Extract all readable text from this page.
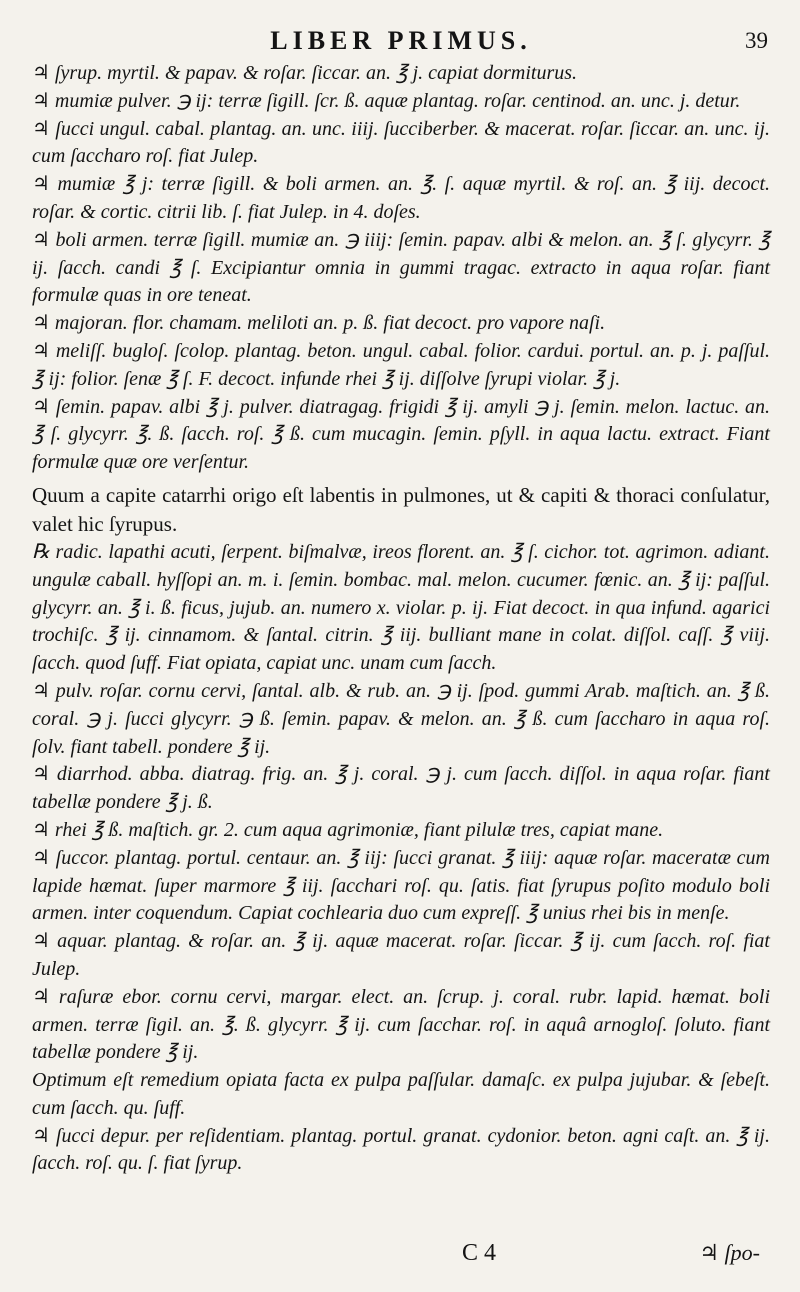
LIBER PRIMUS.	39

♃ ſyrup. myrtil. & papav. & roſar. ſiccar. an. ℥ j. capiat dormiturus.

♃ mumiæ pulver. ℈ ij: terræ ſigill. ſcr. ß. aquæ plantag. roſar. centinod. an. unc. j. detur.

♃ ſucci ungul. cabal. plantag. an. unc. iiij. ſucciberber. & macerat. roſar. ſiccar. an. unc. ij. cum ſaccharo roſ. fiat Julep.

♃ mumiæ ℥ j: terræ ſigill. & boli armen. an. ℥. ſ. aquæ myrtil. & roſ. an. ℥ iij. decoct. roſar. & cortic. citrii lib. ſ. fiat Julep. in 4. doſes.

♃ boli armen. terræ ſigill. mumiæ an. ℈ iiij: ſemin. papav. albi & melon. an. ℥ ſ. glycyrr. ℥ ij. ſacch. candi ℥ ſ. Excipiantur omnia in gummi tragac. extracto in aqua roſar. fiant formulæ quas in ore teneat.

♃ majoran. flor. chamam. meliloti an. p. ß. fiat decoct. pro vapore naſi.

♃ meliſſ. bugloſ. ſcolop. plantag. beton. ungul. cabal. folior. cardui. portul. an. p. j. paſſul. ℥ ij: folior. ſenæ ℥ ſ. F. decoct. infunde rhei ℥ ij. diſſolve ſyrupi violar. ℥ j.

♃ ſemin. papav. albi ℥ j. pulver. diatragag. frigidi ℥ ij. amyli ℈ j. ſemin. melon. lactuc. an. ℥ ſ. glycyrr. ℥. ß. ſacch. roſ. ℥ ß. cum mucagin. ſemin. pſyll. in aqua lactu. extract. Fiant formulæ quæ ore verſentur.

Quum a capite catarrhi origo eſt labentis in pulmones, ut & capiti & thoraci conſulatur, valet hic ſyrupus.

℞ radic. lapathi acuti, ſerpent. biſmalvæ, ireos florent. an. ℥ ſ. cichor. tot. agrimon. adiant. ungulæ caball. hyſſopi an. m. i. ſemin. bombac. mal. melon. cucumer. fœnic. an. ℥ ij: paſſul. glycyrr. an. ℥ i. ß. ficus, jujub. an. numero x. violar. p. ij. Fiat decoct. in qua infund. agarici trochiſc. ℥ ij. cinnamom. & ſantal. citrin. ℥ iij. bulliant mane in colat. diſſol. caſſ. ℥ viij. ſacch. quod ſuff. Fiat opiata, capiat unc. unam cum ſacch.

♃ pulv. roſar. cornu cervi, ſantal. alb. & rub. an. ℈ ij. ſpod. gummi Arab. maſtich. an. ℥ ß. coral. ℈ j. ſucci glycyrr. ℈ ß. ſemin. papav. & melon. an. ℥ ß. cum ſaccharo in aqua roſ. ſolv. fiant tabell. pondere ℥ ij.

♃ diarrhod. abba. diatrag. frig. an. ℥ j. coral. ℈ j. cum ſacch. diſſol. in aqua roſar. fiant tabellæ pondere ℥ j. ß.

♃ rhei ℥ ß. maſtich. gr. 2. cum aqua agrimoniæ, fiant pilulæ tres, capiat mane.

♃ ſuccor. plantag. portul. centaur. an. ℥ iij: ſucci granat. ℥ iiij: aquæ roſar. maceratæ cum lapide hæmat. ſuper marmore ℥ iij. ſacchari roſ. qu. ſatis. fiat ſyrupus poſito modulo boli armen. inter coquendum. Capiat cochlearia duo cum expreſſ. ℥ unius rhei bis in menſe.

♃ aquar. plantag. & roſar. an. ℥ ij. aquæ macerat. roſar. ſiccar. ℥ ij. cum ſacch. roſ. fiat Julep.

♃ raſuræ ebor. cornu cervi, margar. elect. an. ſcrup. j. coral. rubr. lapid. hæmat. boli armen. terræ ſigil. an. ℥. ß. glycyrr. ℥ ij. cum ſacchar. roſ. in aquâ arnogloſ. ſoluto. fiant tabellæ pondere ℥ ij.

Optimum eſt remedium opiata facta ex pulpa paſſular. damaſc. ex pulpa jujubar. & ſebeſt. cum ſacch. qu. ſuff.

♃ ſucci depur. per reſidentiam. plantag. portul. granat. cydonior. beton. agni caſt. an. ℥ ij. ſacch. roſ. qu. ſ. fiat ſyrup.

C 4	♃ ſpo-
